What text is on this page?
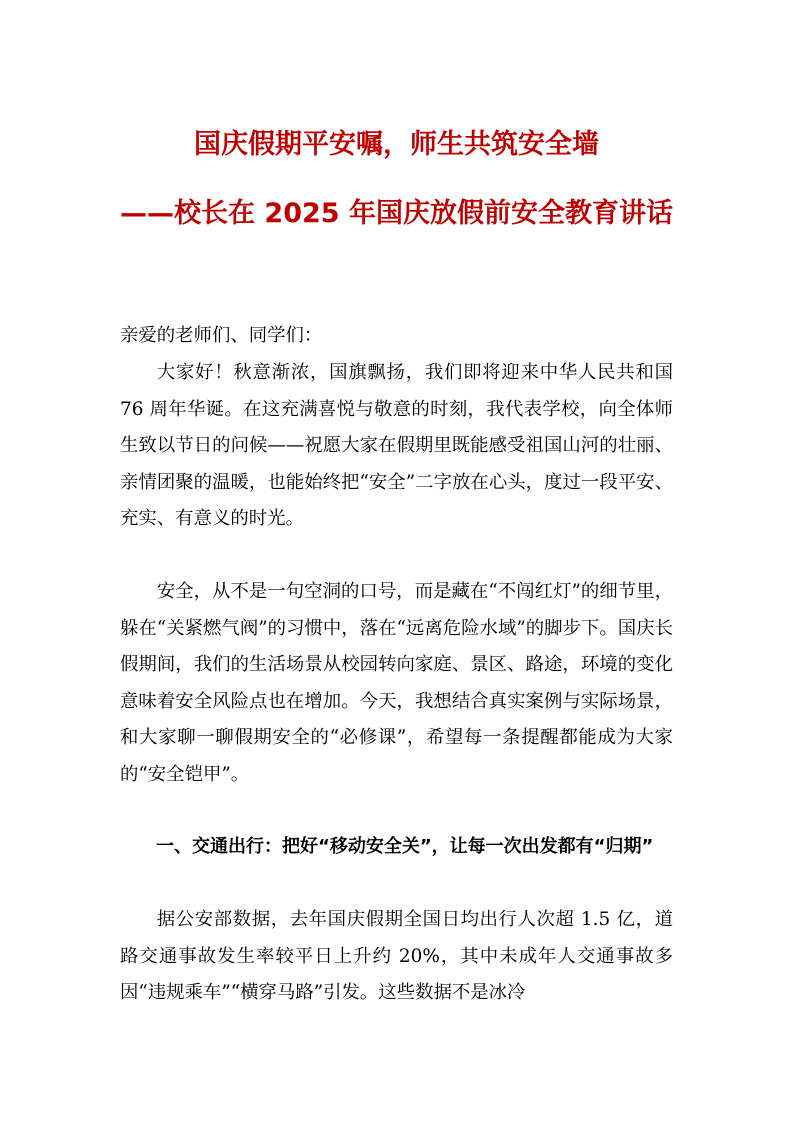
国庆假期平安嘱，师生共筑安全墙
——校长在 2025 年国庆放假前安全教育讲话

亲爱的老师们、同学们：

大家好！秋意渐浓，国旗飘扬，我们即将迎来中华人民共和国 76 周年华诞。在这充满喜悦与敬意的时刻，我代表学校，向全体师生致以节日的问候——祝愿大家在假期里既能感受祖国山河的壮丽、亲情团聚的温暖，也能始终把“安全”二字放在心头，度过一段平安、充实、有意义的时光。

安全，从不是一句空洞的口号，而是藏在“不闯红灯”的细节里，躲在“关紧燃气阀”的习惯中，落在“远离危险水域”的脚步下。国庆长假期间，我们的生活场景从校园转向家庭、景区、路途，环境的变化意味着安全风险点也在增加。今天，我想结合真实案例与实际场景，和大家聊一聊假期安全的“必修课”，希望每一条提醒都能成为大家的“安全铠甲”。

一、交通出行：把好“移动安全关”，让每一次出发都有“归期”

据公安部数据，去年国庆假期全国日均出行人次超 1.5 亿，道路交通事故发生率较平日上升约 20%，其中未成年人交通事故多因“违规乘车”“横穿马路”引发。这些数据不是冰冷
